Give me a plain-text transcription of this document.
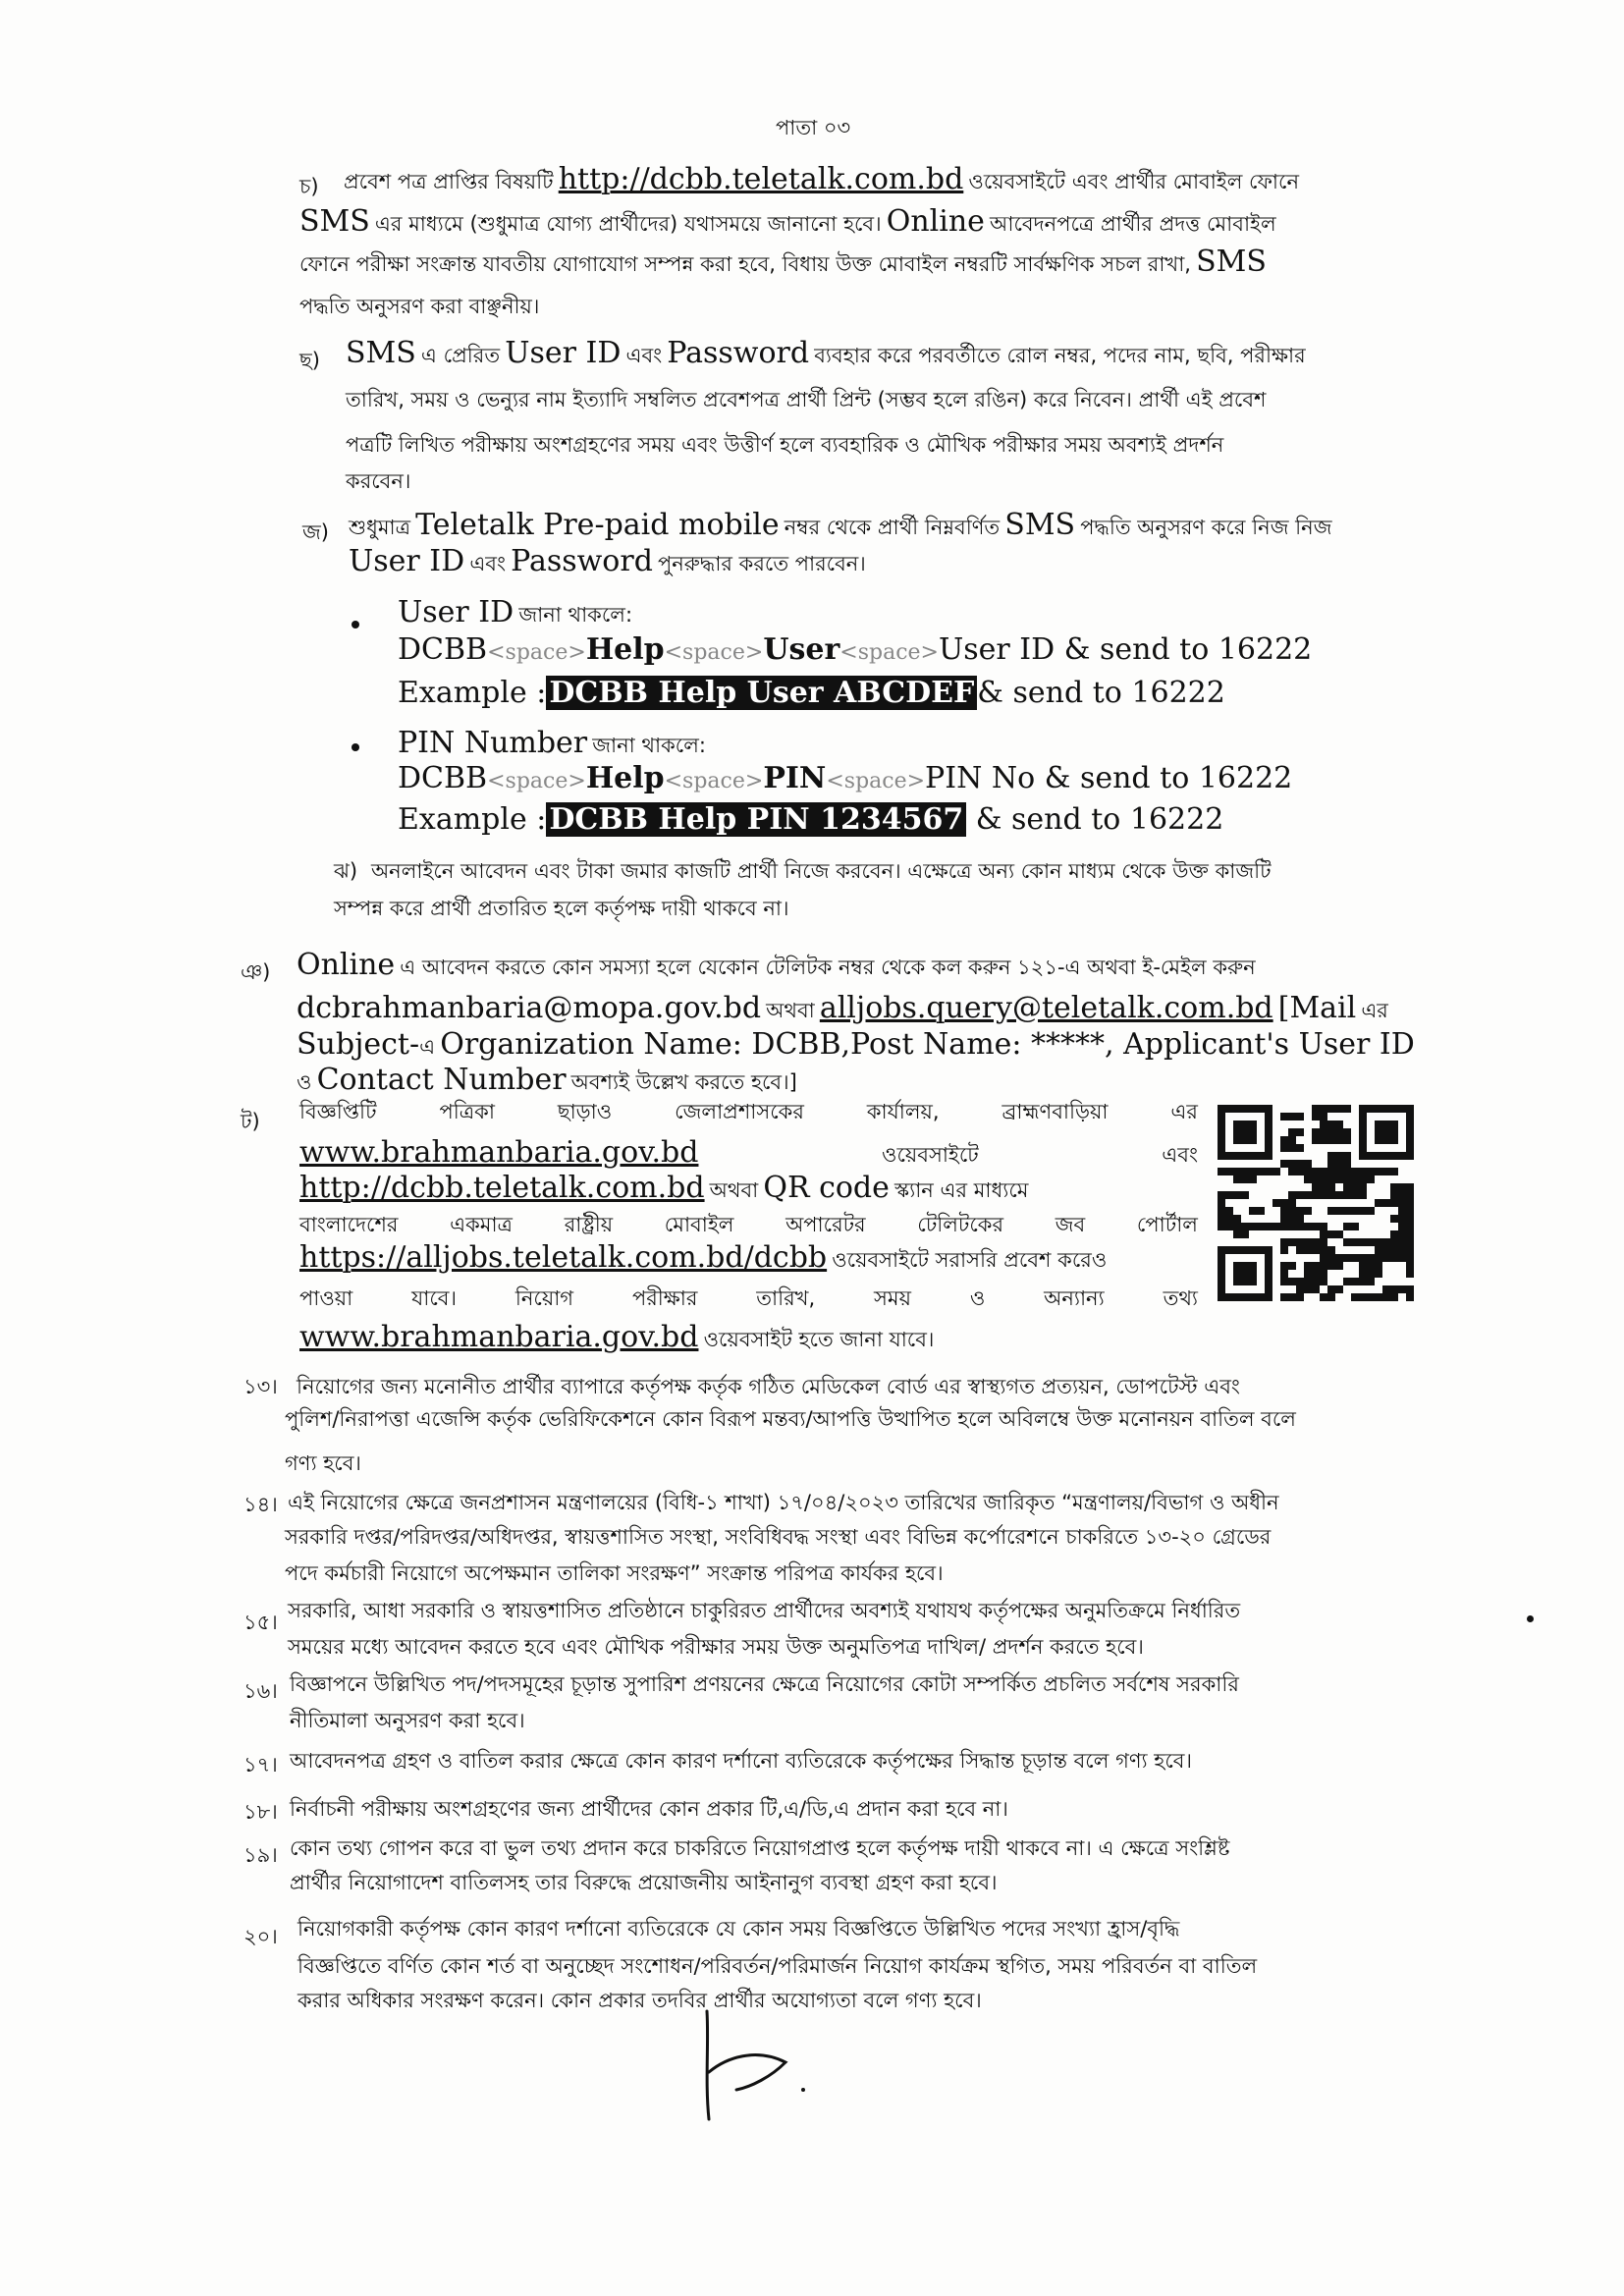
পাতা ০৩
চ) প্রবেশ পত্র প্রাপ্তির বিষয়টি http://dcbb.teletalk.com.bd ওয়েবসাইটে এবং প্রার্থীর মোবাইল ফোনে
SMS এর মাধ্যমে (শুধুমাত্র যোগ্য প্রার্থীদের) যথাসময়ে জানানো হবে। Online আবেদনপত্রে প্রার্থীর প্রদত্ত মোবাইল
ফোনে পরীক্ষা সংক্রান্ত যাবতীয় যোগাযোগ সম্পন্ন করা হবে, বিধায় উক্ত মোবাইল নম্বরটি সার্বক্ষণিক সচল রাখা, SMS
পদ্ধতি অনুসরণ করা বাঞ্ছনীয়।
ছ) SMS এ প্রেরিত User ID এবং Password ব্যবহার করে পরবর্তীতে রোল নম্বর, পদের নাম, ছবি, পরীক্ষার
তারিখ, সময় ও ভেন্যুর নাম ইত্যাদি সম্বলিত প্রবেশপত্র প্রার্থী প্রিন্ট (সম্ভব হলে রঙিন) করে নিবেন। প্রার্থী এই প্রবেশ
পত্রটি লিখিত পরীক্ষায় অংশগ্রহণের সময় এবং উত্তীর্ণ হলে ব্যবহারিক ও মৌখিক পরীক্ষার সময় অবশ্যই প্রদর্শন
করবেন।
জ) শুধুমাত্র Teletalk Pre-paid mobile নম্বর থেকে প্রার্থী নিম্নবর্ণিত SMS পদ্ধতি অনুসরণ করে নিজ নিজ
User ID এবং Password পুনরুদ্ধার করতে পারবেন।
User ID জানা থাকলে:
DCBB<space>Help<space>User<space>User ID & send to 16222
Example : DCBB Help User ABCDEF & send to 16222
PIN Number জানা থাকলে:
DCBB<space>Help<space>PIN<space>PIN No & send to 16222
Example : DCBB Help PIN 1234567 & send to 16222
ঝ) অনলাইনে আবেদন এবং টাকা জমার কাজটি প্রার্থী নিজে করবেন। এক্ষেত্রে অন্য কোন মাধ্যম থেকে উক্ত কাজটি
সম্পন্ন করে প্রার্থী প্রতারিত হলে কর্তৃপক্ষ দায়ী থাকবে না।
ঞ) Online এ আবেদন করতে কোন সমস্যা হলে যেকোন টেলিটক নম্বর থেকে কল করুন ১২১-এ অথবা ই-মেইল করুন
dcbrahmanbaria@mopa.gov.bd অথবা alljobs.query@teletalk.com.bd [Mail এর
Subject-এ Organization Name: DCBB,Post Name: *****, Applicant's User ID
ও Contact Number অবশ্যই উল্লেখ করতে হবে।]
ট) বিজ্ঞপ্তিটি	পত্রিকা	ছাড়াও	জেলাপ্রশাসকের	কার্যালয়,	ব্রাহ্মণবাড়িয়া	এর
www.brahmanbaria.gov.bd	ওয়েবসাইটে	এবং
http://dcbb.teletalk.com.bd অথবা QR code স্ক্যান এর মাধ্যমে
বাংলাদেশের	একমাত্র	রাষ্ট্রীয়	মোবাইল	অপারেটর	টেলিটকের	জব	পোর্টাল
https://alljobs.teletalk.com.bd/dcbb ওয়েবসাইটে সরাসরি প্রবেশ করেও
পাওয়া	যাবে।	নিয়োগ	পরীক্ষার	তারিখ,	সময়	ও	অন্যান্য	তথ্য
www.brahmanbaria.gov.bd ওয়েবসাইট হতে জানা যাবে।
১৩। নিয়োগের জন্য মনোনীত প্রার্থীর ব্যাপারে কর্তৃপক্ষ কর্তৃক গঠিত মেডিকেল বোর্ড এর স্বাস্থ্যগত প্রত্যয়ন, ডোপটেস্ট এবং
পুলিশ/নিরাপত্তা এজেন্সি কর্তৃক ভেরিফিকেশনে কোন বিরূপ মন্তব্য/আপত্তি উত্থাপিত হলে অবিলম্বে উক্ত মনোনয়ন বাতিল বলে
গণ্য হবে।
১৪। এই নিয়োগের ক্ষেত্রে জনপ্রশাসন মন্ত্রণালয়ের (বিধি-১ শাখা) ১৭/০৪/২০২৩ তারিখের জারিকৃত “মন্ত্রণালয়/বিভাগ ও অধীন
সরকারি দপ্তর/পরিদপ্তর/অধিদপ্তর, স্বায়ত্তশাসিত সংস্থা, সংবিধিবদ্ধ সংস্থা এবং বিভিন্ন কর্পোরেশনে চাকরিতে ১৩-২০ গ্রেডের
পদে কর্মচারী নিয়োগে অপেক্ষমান তালিকা সংরক্ষণ” সংক্রান্ত পরিপত্র কার্যকর হবে।
১৫। সরকারি, আধা সরকারি ও স্বায়ত্তশাসিত প্রতিষ্ঠানে চাকুরিরত প্রার্থীদের অবশ্যই যথাযথ কর্তৃপক্ষের অনুমতিক্রমে নির্ধারিত
সময়ের মধ্যে আবেদন করতে হবে এবং মৌখিক পরীক্ষার সময় উক্ত অনুমতিপত্র দাখিল/ প্রদর্শন করতে হবে।
১৬। বিজ্ঞাপনে উল্লিখিত পদ/পদসমূহের চূড়ান্ত সুপারিশ প্রণয়নের ক্ষেত্রে নিয়োগের কোটা সম্পর্কিত প্রচলিত সর্বশেষ সরকারি
নীতিমালা অনুসরণ করা হবে।
১৭। আবেদনপত্র গ্রহণ ও বাতিল করার ক্ষেত্রে কোন কারণ দর্শানো ব্যতিরেকে কর্তৃপক্ষের সিদ্ধান্ত চূড়ান্ত বলে গণ্য হবে।
১৮। নির্বাচনী পরীক্ষায় অংশগ্রহণের জন্য প্রার্থীদের কোন প্রকার টি,এ/ডি,এ প্রদান করা হবে না।
১৯। কোন তথ্য গোপন করে বা ভুল তথ্য প্রদান করে চাকরিতে নিয়োগপ্রাপ্ত হলে কর্তৃপক্ষ দায়ী থাকবে না। এ ক্ষেত্রে সংশ্লিষ্ট
প্রার্থীর নিয়োগাদেশ বাতিলসহ তার বিরুদ্ধে প্রয়োজনীয় আইনানুগ ব্যবস্থা গ্রহণ করা হবে।
২০। নিয়োগকারী কর্তৃপক্ষ কোন কারণ দর্শানো ব্যতিরেকে যে কোন সময় বিজ্ঞপ্তিতে উল্লিখিত পদের সংখ্যা হ্রাস/বৃদ্ধি
বিজ্ঞপ্তিতে বর্ণিত কোন শর্ত বা অনুচ্ছেদ সংশোধন/পরিবর্তন/পরিমার্জন নিয়োগ কার্যক্রম স্থগিত, সময় পরিবর্তন বা বাতিল
করার অধিকার সংরক্ষণ করেন। কোন প্রকার তদবির প্রার্থীর অযোগ্যতা বলে গণ্য হবে।
